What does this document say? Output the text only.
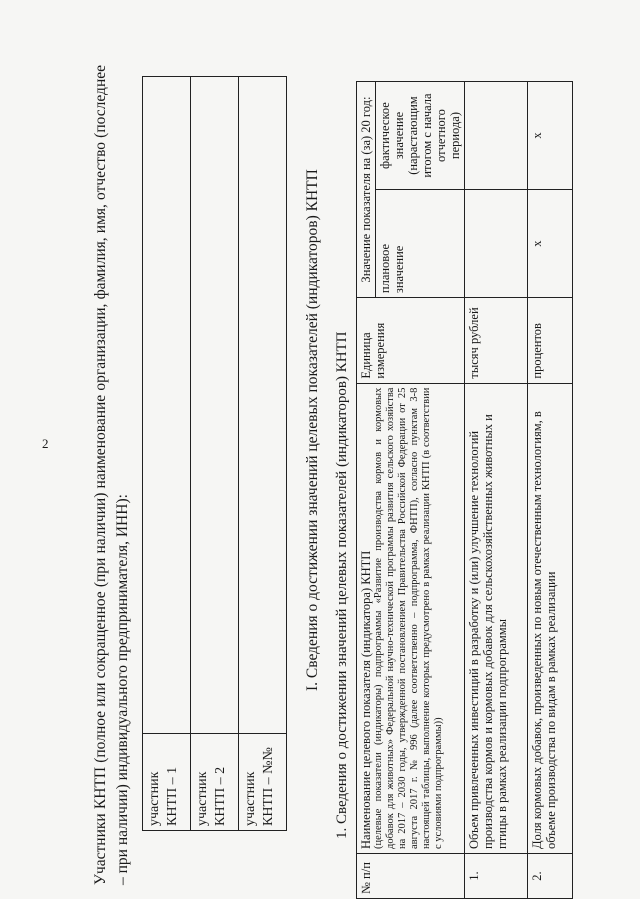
2	Участники КНТП (полное или сокращенное (при наличии) наименование организации, фамилия, имя, отчество (последнее – при наличии) индивидуального предпринимателя, ИНН): участник КНТП – 1	
участник КНТП – 2	
участник КНТП – №№	
I. Сведения о достижении значений целевых показателей (индикаторов) КНТП 1. Сведения о достижении значений целевых показателей (индикаторов) КНТП
№ п/п	Наименование целевого показателя (индикатора) КНТП (целевые показатели (индикаторы) подпрограммы «Развитие производства кормов и кормовых добавок для животных» Федеральной научно-технической программы развития сельского хозяйства на 2017 – 2030 годы, утвержденной постановлением Правительства Российской Федерации от 25 августа 2017 г. № 996 (далее соответственно – подпрограмма, ФНТП), согласно пунктам 3-8 настоящей таблицы, выполнение которых предусмотрено в рамках реализации КНТП (в соответствии с условиями подпрограммы))	Единица измерения	Значение показателя на (за) 20 год:	
			плановое значение	фактическое значение (нарастающим итогом с начала отчетного периода)
1.	Объем привлеченных инвестиций в разработку и (или) улучшение технологий производства кормов и кормовых добавок для сельскохозяйственных животных и птицы в рамках реализации подпрограммы	тысяч рублей		
2.	Доля кормовых добавок, произведенных по новым отечественным технологиям, в объеме производства по видам в рамках реализации	процентов	х	х
